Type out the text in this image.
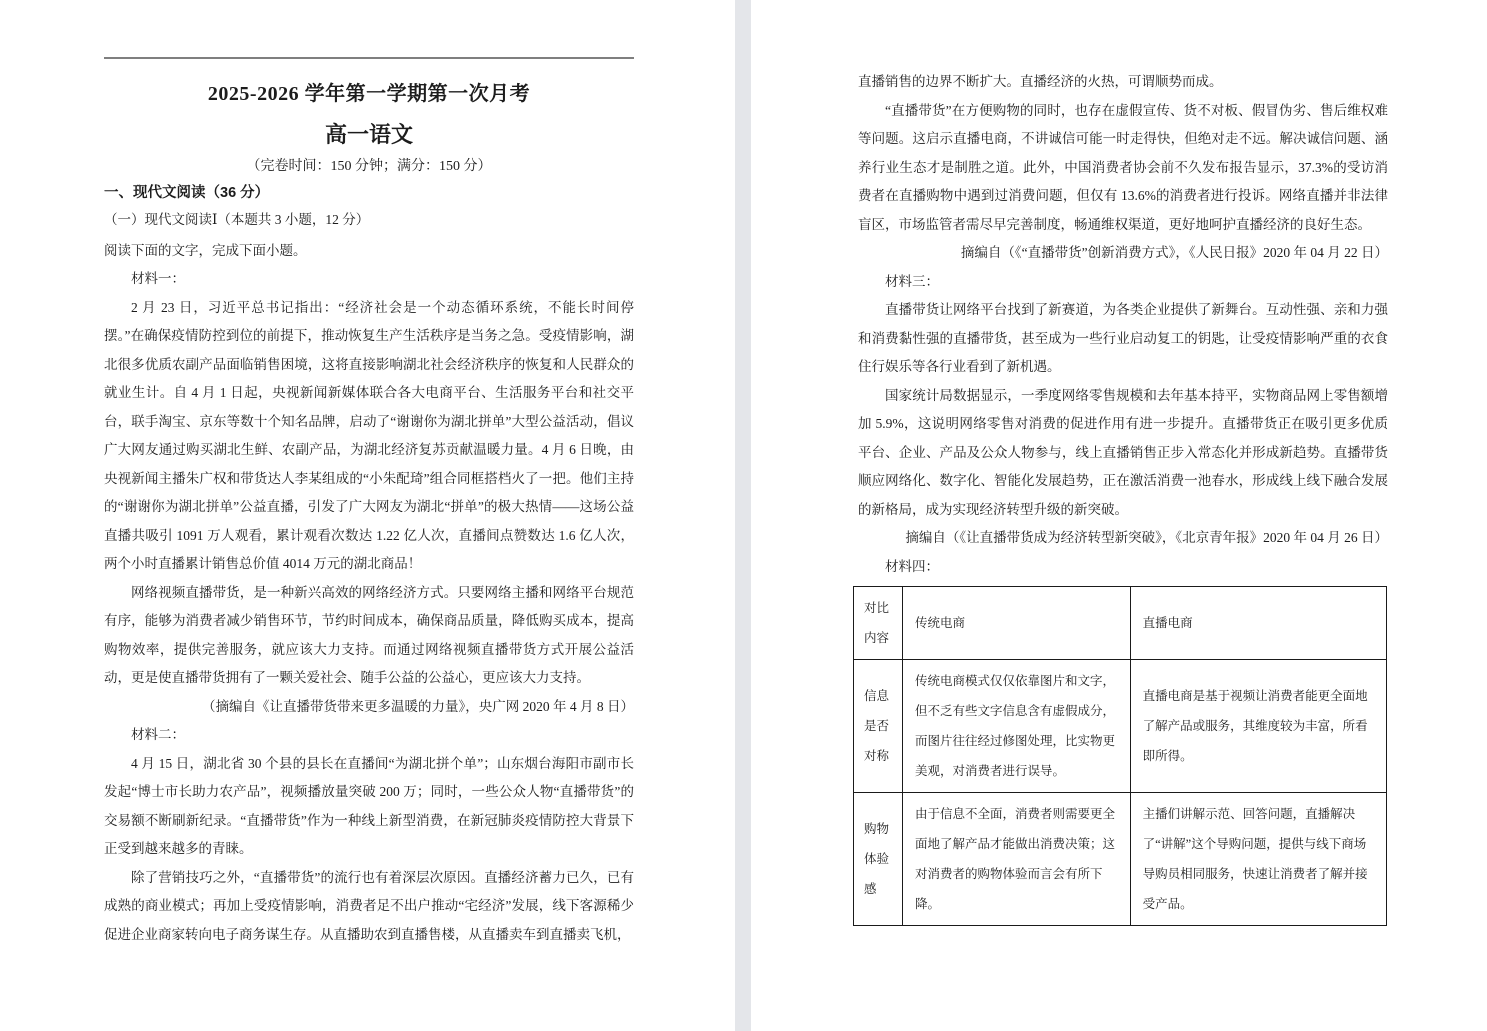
2025-2026 学年第一学期第一次月考
高一语文
（完卷时间：150 分钟；满分：150 分）
一、现代文阅读（36 分）
（一）现代文阅读Ⅰ（本题共 3 小题，12 分）
阅读下面的文字，完成下面小题。

材料一：

2 月 23 日，习近平总书记指出：“经济社会是一个动态循环系统，不能长时间停摆。”在确保疫情防控到位的前提下，推动恢复生产生活秩序是当务之急。受疫情影响，湖北很多优质农副产品面临销售困境，这将直接影响湖北社会经济秩序的恢复和人民群众的就业生计。自 4 月 1 日起，央视新闻新媒体联合各大电商平台、生活服务平台和社交平台，联手淘宝、京东等数十个知名品牌，启动了“谢谢你为湖北拼单”大型公益活动，倡议广大网友通过购买湖北生鲜、农副产品，为湖北经济复苏贡献温暖力量。4 月 6 日晚，由央视新闻主播朱广权和带货达人李某组成的“小朱配琦”组合同框搭档火了一把。他们主持的“谢谢你为湖北拼单”公益直播，引发了广大网友为湖北“拼单”的极大热情——这场公益直播共吸引 1091 万人观看，累计观看次数达 1.22 亿人次，直播间点赞数达 1.6 亿人次，两个小时直播累计销售总价值 4014 万元的湖北商品！

网络视频直播带货，是一种新兴高效的网络经济方式。只要网络主播和网络平台规范有序，能够为消费者减少销售环节，节约时间成本，确保商品质量，降低购买成本，提高购物效率，提供完善服务，就应该大力支持。而通过网络视频直播带货方式开展公益活动，更是使直播带货拥有了一颗关爱社会、随手公益的公益心，更应该大力支持。

（摘编自《让直播带货带来更多温暖的力量》，央广网 2020 年 4 月 8 日）

材料二：

4 月 15 日，湖北省 30 个县的县长在直播间“为湖北拼个单”；山东烟台海阳市副市长发起“博士市长助力农产品”，视频播放量突破 200 万；同时，一些公众人物“直播带货”的交易额不断刷新纪录。“直播带货”作为一种线上新型消费，在新冠肺炎疫情防控大背景下正受到越来越多的青睐。

除了营销技巧之外，“直播带货”的流行也有着深层次原因。直播经济蓄力已久，已有成熟的商业模式；再加上受疫情影响，消费者足不出户推动“宅经济”发展，线下客源稀少促进企业商家转向电子商务谋生存。从直播助农到直播售楼，从直播卖车到直播卖飞机，

直播销售的边界不断扩大。直播经济的火热，可谓顺势而成。

“直播带货”在方便购物的同时，也存在虚假宣传、货不对板、假冒伪劣、售后维权难等问题。这启示直播电商，不讲诚信可能一时走得快，但绝对走不远。解决诚信问题、涵养行业生态才是制胜之道。此外，中国消费者协会前不久发布报告显示，37.3%的受访消费者在直播购物中遇到过消费问题，但仅有 13.6%的消费者进行投诉。网络直播并非法律盲区，市场监管者需尽早完善制度，畅通维权渠道，更好地呵护直播经济的良好生态。

摘编自（《“直播带货”创新消费方式》，《人民日报》2020 年 04 月 22 日）

材料三：

直播带货让网络平台找到了新赛道，为各类企业提供了新舞台。互动性强、亲和力强和消费黏性强的直播带货，甚至成为一些行业启动复工的钥匙，让受疫情影响严重的衣食住行娱乐等各行业看到了新机遇。

国家统计局数据显示，一季度网络零售规模和去年基本持平，实物商品网上零售额增加 5.9%，这说明网络零售对消费的促进作用有进一步提升。直播带货正在吸引更多优质平台、企业、产品及公众人物参与，线上直播销售正步入常态化并形成新趋势。直播带货顺应网络化、数字化、智能化发展趋势，正在激活消费一池春水，形成线上线下融合发展的新格局，成为实现经济转型升级的新突破。

摘编自（《让直播带货成为经济转型新突破》，《北京青年报》2020 年 04 月 26 日）

材料四：

对比内容	传统电商	直播电商
信息是否对称	传统电商模式仅仅依靠图片和文字，但不乏有些文字信息含有虚假成分，而图片往往经过修图处理，比实物更美观，对消费者进行误导。	直播电商是基于视频让消费者能更全面地了解产品或服务，其维度较为丰富，所看即所得。
购物体验感	由于信息不全面，消费者则需要更全面地了解产品才能做出消费决策；这对消费者的购物体验而言会有所下降。	主播们讲解示范、回答问题，直播解决了“讲解”这个导购问题，提供与线下商场导购员相同服务，快速让消费者了解并接受产品。
